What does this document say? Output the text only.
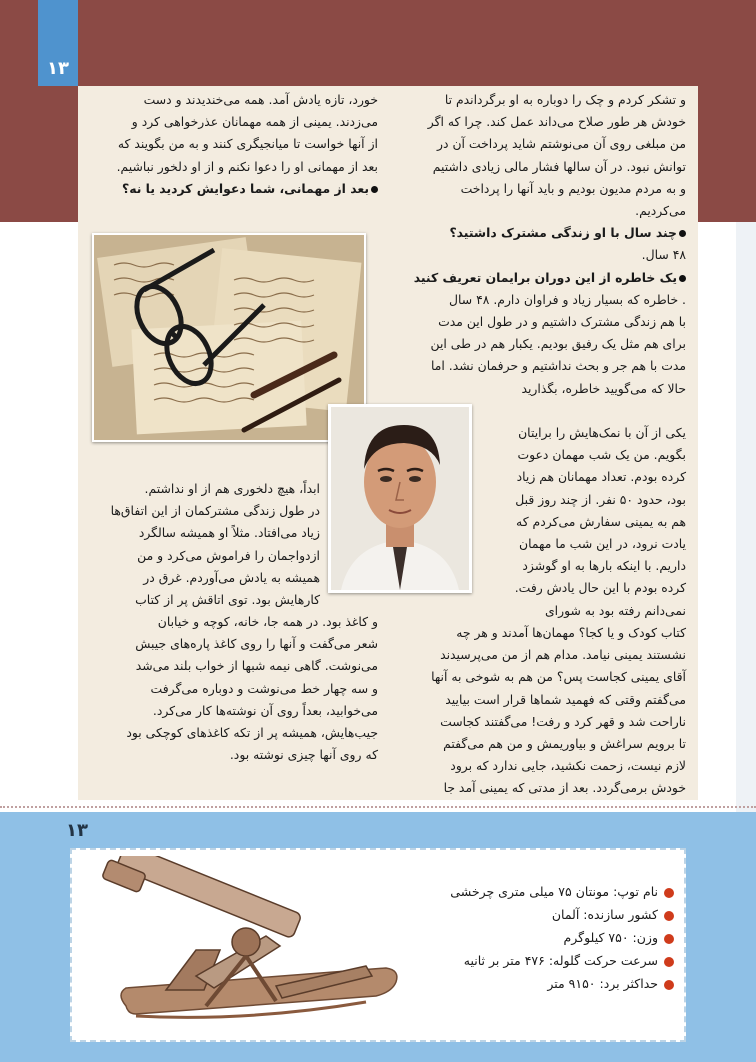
۱۳

و تشکر کردم و چک را دوباره به او برگرداندم تا

خودش هر طور صلاح می‌داند عمل کند. چرا که اگر

من مبلغی روی آن می‌نوشتم شاید پرداخت آن در

توانش نبود. در آن سالها فشار مالی زیادی داشتیم

و به مردم مدیون بودیم و باید آنها را پرداخت

می‌کردیم.

چند سال با او زندگی مشترک داشتید؟

۴۸ سال.

یک خاطره از این دوران برایمان تعریف کنید

. خاطره که بسیار زیاد و فراوان دارم. ۴۸ سال

با هم زندگی مشترک داشتیم و در طول این مدت

برای هم مثل یک رفیق بودیم. یکبار هم در طی این

مدت با هم جر و بحث نداشتیم و حرفمان نشد. اما

حالا که می‌گویید خاطره، بگذارید

یکی از آن با نمک‌هایش را برایتان

بگویم. من یک شب مهمان دعوت

کرده بودم. تعداد مهمانان هم زیاد

بود، حدود ۵۰ نفر. از چند روز قبل

هم به یمینی سفارش می‌کردم که

یادت نرود، در این شب ما مهمان

داریم. با اینکه بارها به او گوشزد

کرده بودم با این حال یادش رفت.

نمی‌دانم رفته بود به شورای

کتاب کودک و یا کجا؟ مهمان‌ها آمدند و هر چه

نشستند یمینی نیامد. مدام هم از من می‌پرسیدند

آقای یمینی کجاست پس؟ من هم به شوخی به آنها

می‌گفتم وقتی که فهمید شماها قرار است بیایید

ناراحت شد و قهر کرد و رفت! می‌گفتند کجاست

تا برویم سراغش و بیاوریمش و من هم می‌گفتم

لازم نیست، زحمت نکشید، جایی ندارد که برود

خودش برمی‌گردد. بعد از مدتی که یمینی آمد جا

خورد، تازه یادش آمد. همه می‌خندیدند و دست

می‌زدند. یمینی از همه مهمانان عذرخواهی کرد و

از آنها خواست تا میانجیگری کنند و به من بگویند که

بعد از مهمانی او را دعوا نکنم و از او دلخور نباشیم.

بعد از مهمانی، شما دعوایش کردید یا نه؟

ابداً، هیچ دلخوری هم از او نداشتم.

در طول زندگی مشترکمان از این اتفاق‌ها

زیاد می‌افتاد. مثلاً او همیشه سالگرد

ازدواجمان را فراموش می‌کرد و من

همیشه به یادش می‌آوردم. غرق در

کارهایش بود. توی اتاقش پر از کتاب

و کاغذ بود. در همه جا، خانه، کوچه و خیابان

شعر می‌گفت و آنها را روی کاغذ پاره‌های جیبش

می‌نوشت. گاهی نیمه شبها از خواب بلند می‌شد

و سه چهار خط می‌نوشت و دوباره می‌گرفت

می‌خوابید، بعداً روی آن نوشته‌ها کار می‌کرد.

جیب‌هایش، همیشه پر از تکه کاغذهای کوچکی بود

که روی آنها چیزی نوشته بود.

۱۳
نام توپ: مونتان ۷۵ میلی متری چرخشی
کشور سازنده: آلمان
وزن: ۷۵۰ کیلوگرم
سرعت حرکت گلوله: ۴۷۶ متر بر ثانیه
حداکثر برد: ۹۱۵۰ متر
